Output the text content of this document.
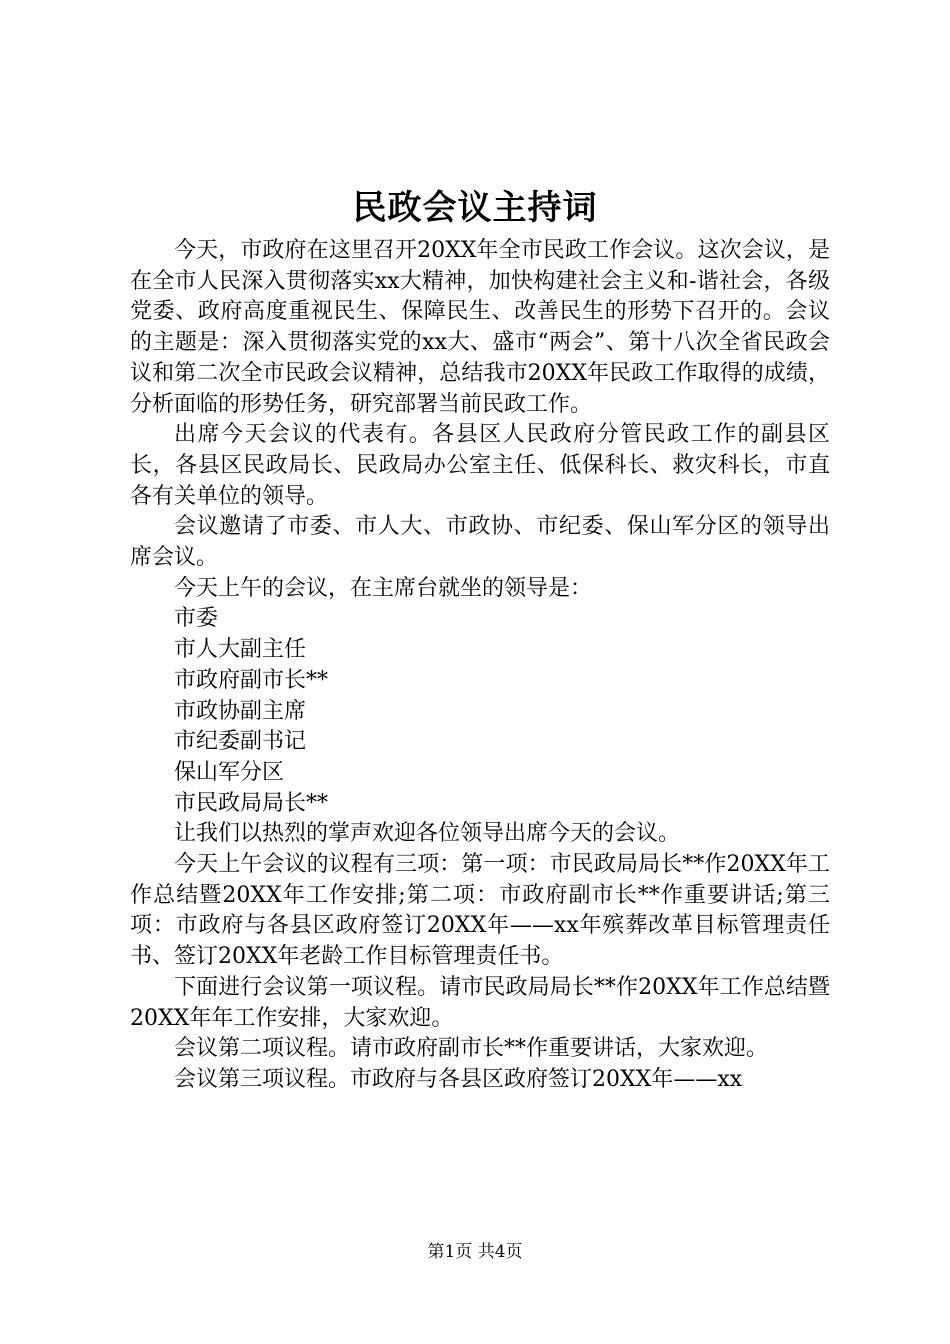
民政会议主持词

今天，市政府在这里召开20XX年全市民政工作会议。这次会议，是在全市人民深入贯彻落实xx大精神，加快构建社会主义和-谐社会，各级党委、政府高度重视民生、保障民生、改善民生的形势下召开的。会议的主题是：深入贯彻落实党的xx大、盛市“两会”、第十八次全省民政会议和第二次全市民政会议精神，总结我市20XX年民政工作取得的成绩，分析面临的形势任务，研究部署当前民政工作。

出席今天会议的代表有。各县区人民政府分管民政工作的副县区长，各县区民政局长、民政局办公室主任、低保科长、救灾科长，市直各有关单位的领导。

会议邀请了市委、市人大、市政协、市纪委、保山军分区的领导出席会议。

今天上午的会议，在主席台就坐的领导是：

市委

市人大副主任

市政府副市长**

市政协副主席

市纪委副书记

保山军分区

市民政局局长**

让我们以热烈的掌声欢迎各位领导出席今天的会议。

今天上午会议的议程有三项：第一项：市民政局局长**作20XX年工作总结暨20XX年工作安排;第二项：市政府副市长**作重要讲话;第三项：市政府与各县区政府签订20XX年——xx年殡葬改革目标管理责任书、签订20XX年老龄工作目标管理责任书。

下面进行会议第一项议程。请市民政局局长**作20XX年工作总结暨20XX年年工作安排，大家欢迎。

会议第二项议程。请市政府副市长**作重要讲话，大家欢迎。

会议第三项议程。市政府与各县区政府签订20XX年——xx

第1页 共4页
